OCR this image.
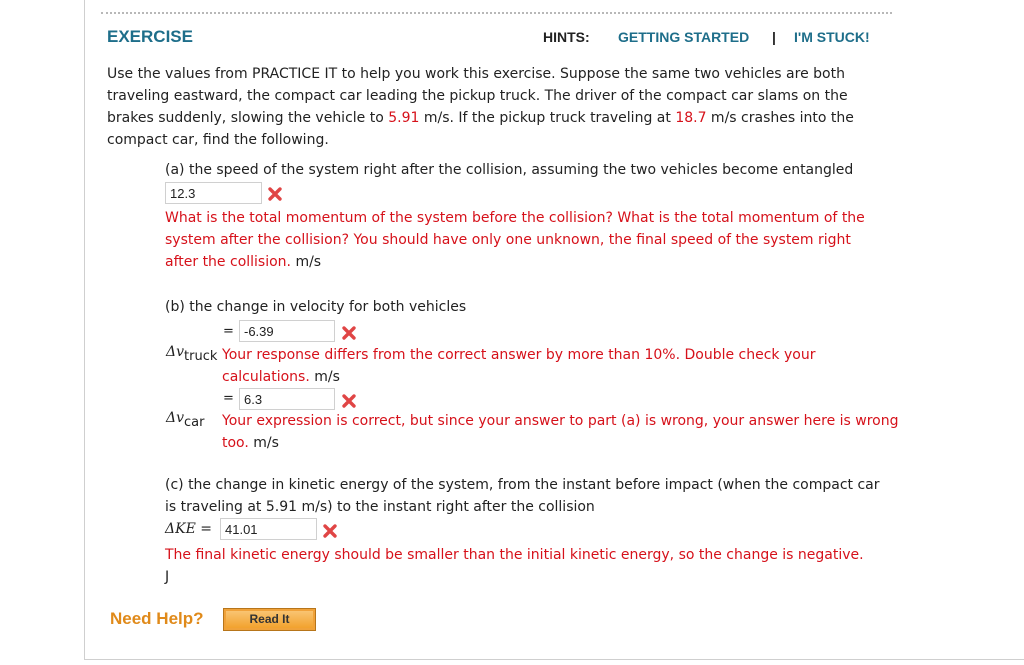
EXERCISE	HINTS: GETTING STARTED | I'M STUCK!
Use the values from PRACTICE IT to help you work this exercise. Suppose the same two vehicles are both traveling eastward, the compact car leading the pickup truck. The driver of the compact car slams on the brakes suddenly, slowing the vehicle to 5.91 m/s. If the pickup truck traveling at 18.7 m/s crashes into the compact car, find the following.
(a) the speed of the system right after the collision, assuming the two vehicles become entangled
12.3
What is the total momentum of the system before the collision? What is the total momentum of the system after the collision? You should have only one unknown, the final speed of the system right after the collision. m/s
(b) the change in velocity for both vehicles
= -6.39
$\Delta v_{truck}$ Your response differs from the correct answer by more than 10%. Double check your calculations. m/s
= 6.3
$\Delta v_{car}$ Your expression is correct, but since your answer to part (a) is wrong, your answer here is wrong too. m/s
(c) the change in kinetic energy of the system, from the instant before impact (when the compact car is traveling at 5.91 m/s) to the instant right after the collision
ΔKE =	41.01
The final kinetic energy should be smaller than the initial kinetic energy, so the change is negative. J
Need Help?	Read It
